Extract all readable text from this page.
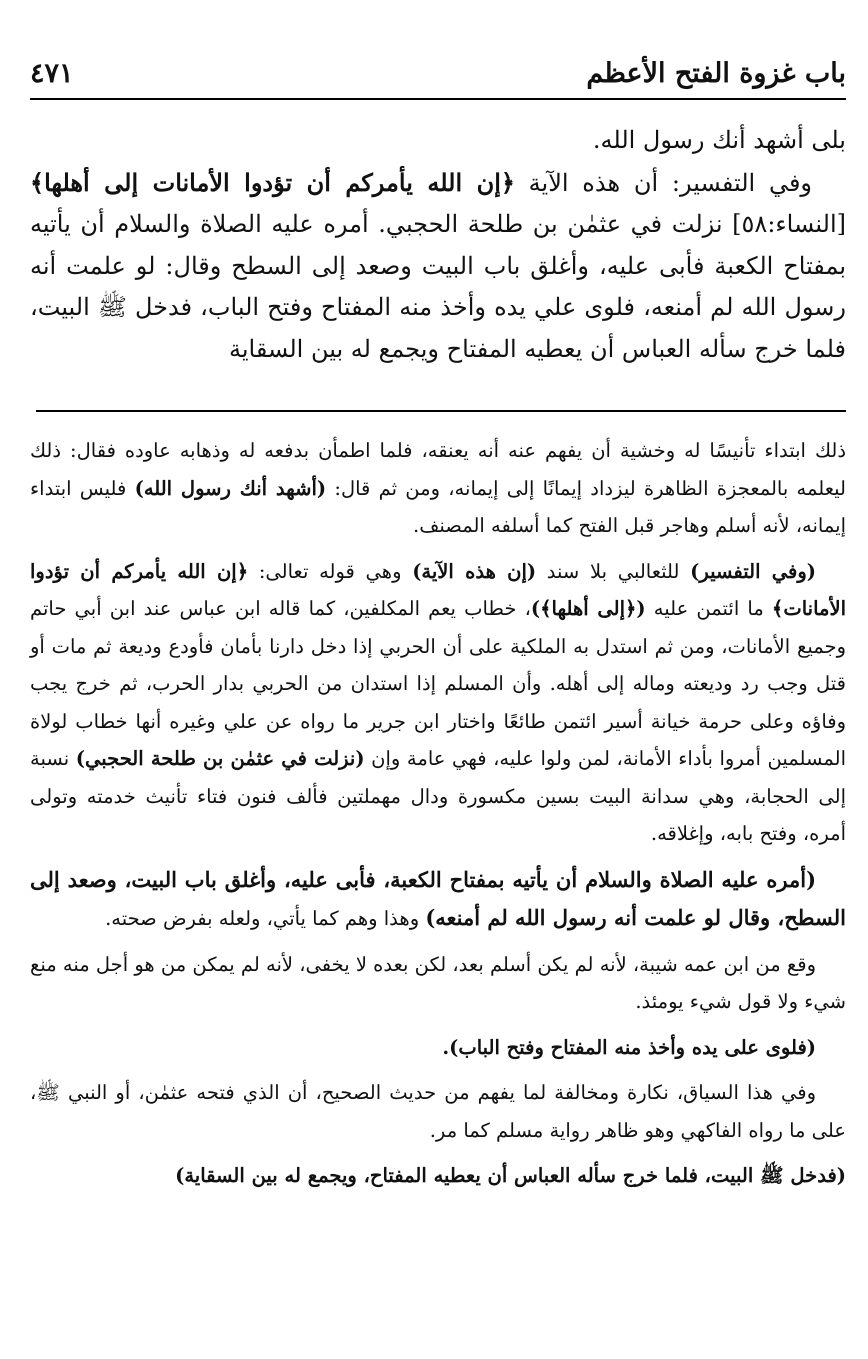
باب غزوة الفتح الأعظم
٤٧١

بلى أشهد أنك رسول الله.

وفي التفسير: أن هذه الآية ﴿إن الله يأمركم أن تؤدوا الأمانات إلى أهلها﴾ [النساء:٥٨] نزلت في عثمٰن بن طلحة الحجبي. أمره عليه الصلاة والسلام أن يأتيه بمفتاح الكعبة فأبى عليه، وأغلق باب البيت وصعد إلى السطح وقال: لو علمت أنه رسول الله لم أمنعه، فلوى علي يده وأخذ منه المفتاح وفتح الباب، فدخل ﷺ البيت، فلما خرج سأله العباس أن يعطيه المفتاح ويجمع له بين السقاية

ذلك ابتداء تأنيسًا له وخشية أن يفهم عنه أنه يعنقه، فلما اطمأن بدفعه له وذهابه عاوده فقال: ذلك ليعلمه بالمعجزة الظاهرة ليزداد إيمانًا إلى إيمانه، ومن ثم قال: (أشهد أنك رسول الله) فليس ابتداء إيمانه، لأنه أسلم وهاجر قبل الفتح كما أسلفه المصنف.

(وفي التفسير) للثعالبي بلا سند (إن هذه الآية) وهي قوله تعالى: ﴿إن الله يأمركم أن تؤدوا الأمانات﴾ ما ائتمن عليه (﴿إلى أهلها﴾)، خطاب يعم المكلفين، كما قاله ابن عباس عند ابن أبي حاتم وجميع الأمانات، ومن ثم استدل به الملكية على أن الحربي إذا دخل دارنا بأمان فأودع وديعة ثم مات أو قتل وجب رد وديعته وماله إلى أهله. وأن المسلم إذا استدان من الحربي بدار الحرب، ثم خرج يجب وفاؤه وعلى حرمة خيانة أسير ائتمن طائعًا واختار ابن جرير ما رواه عن علي وغيره أنها خطاب لولاة المسلمين أمروا بأداء الأمانة، لمن ولوا عليه، فهي عامة وإن (نزلت في عثمٰن بن طلحة الحجبي) نسبة إلى الحجابة، وهي سدانة البيت بسين مكسورة ودال مهملتين فألف فنون فتاء تأنيث خدمته وتولى أمره، وفتح بابه، وإغلاقه.

(أمره عليه الصلاة والسلام أن يأتيه بمفتاح الكعبة، فأبى عليه، وأغلق باب البيت، وصعد إلى السطح، وقال لو علمت أنه رسول الله لم أمنعه) وهذا وهم كما يأتي، ولعله بفرض صحته.

وقع من ابن عمه شيبة، لأنه لم يكن أسلم بعد، لكن بعده لا يخفى، لأنه لم يمكن من هو أجل منه منع شيء ولا قول شيء يومئذ.

(فلوى على يده وأخذ منه المفتاح وفتح الباب).

وفي هذا السياق، نكارة ومخالفة لما يفهم من حديث الصحيح، أن الذي فتحه عثمٰن، أو النبي ﷺ، على ما رواه الفاكهي وهو ظاهر رواية مسلم كما مر.

(فدخل ﷺ البيت، فلما خرج سأله العباس أن يعطيه المفتاح، ويجمع له بين السقاية)
